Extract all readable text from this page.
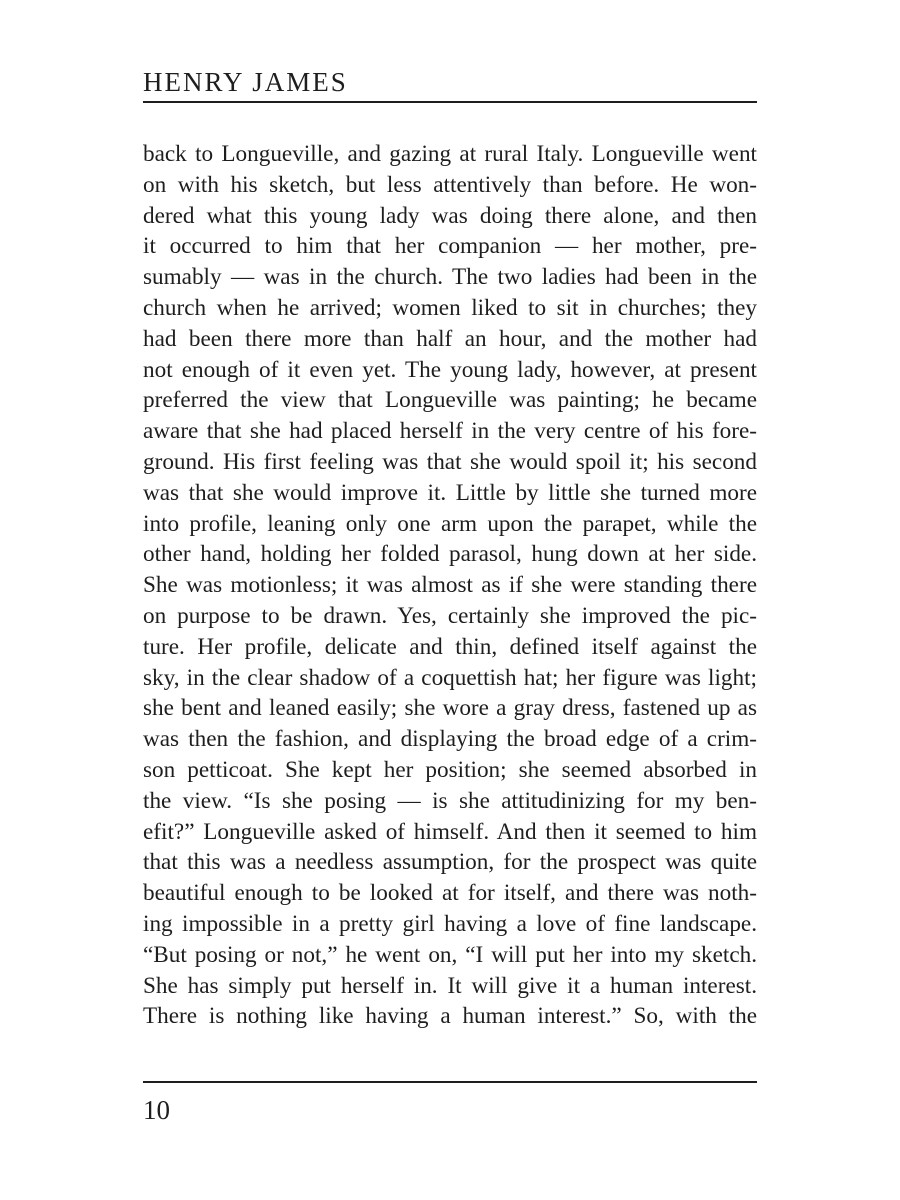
HENRY JAMES
back to Longueville, and gazing at rural Italy. Longueville went
on with his sketch, but less attentively than before. He won-
dered what this young lady was doing there alone, and then
it occurred to him that her companion — her mother, pre-
sumably — was in the church. The two ladies had been in the
church when he arrived; women liked to sit in churches; they
had been there more than half an hour, and the mother had
not enough of it even yet. The young lady, however, at present
preferred the view that Longueville was painting; he became
aware that she had placed herself in the very centre of his fore-
ground. His first feeling was that she would spoil it; his second
was that she would improve it. Little by little she turned more
into profile, leaning only one arm upon the parapet, while the
other hand, holding her folded parasol, hung down at her side.
She was motionless; it was almost as if she were standing there
on purpose to be drawn. Yes, certainly she improved the pic-
ture. Her profile, delicate and thin, defined itself against the
sky, in the clear shadow of a coquettish hat; her figure was light;
she bent and leaned easily; she wore a gray dress, fastened up as
was then the fashion, and displaying the broad edge of a crim-
son petticoat. She kept her position; she seemed absorbed in
the view. “Is she posing — is she attitudinizing for my ben-
efit?” Longueville asked of himself. And then it seemed to him
that this was a needless assumption, for the prospect was quite
beautiful enough to be looked at for itself, and there was noth-
ing impossible in a pretty girl having a love of fine landscape.
“But posing or not,” he went on, “I will put her into my sketch.
She has simply put herself in. It will give it a human interest.
There is nothing like having a human interest.” So, with the
10
